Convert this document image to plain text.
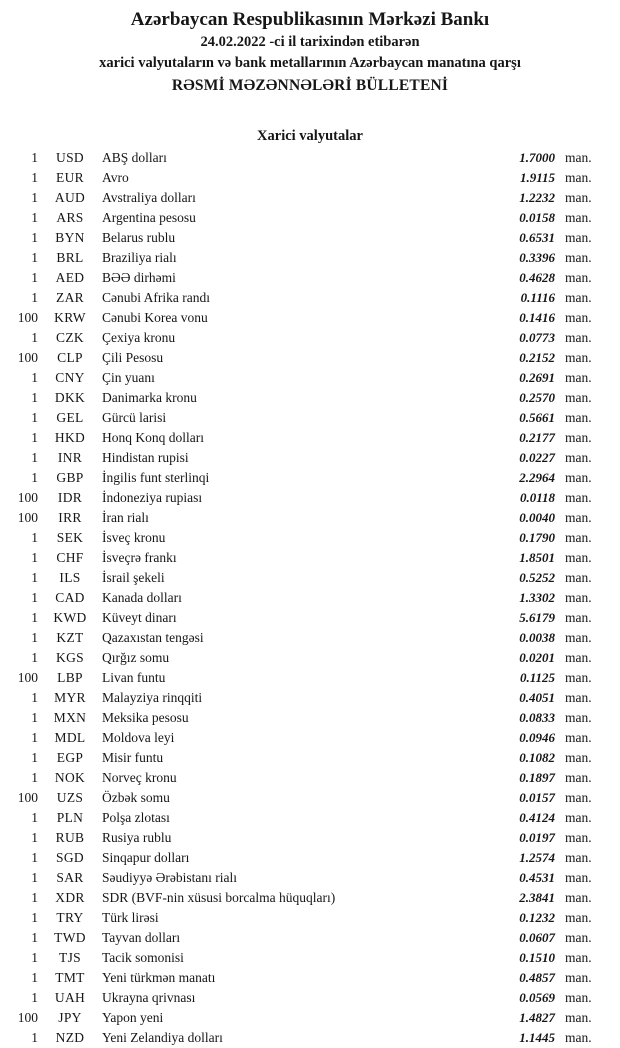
Azərbaycan Respublikasının Mərkəzi Bankı
24.02.2022 -ci il tarixindən etibarən
xarici valyutaların və bank metallarının Azərbaycan manatına qarşı
RƏSMİ MƏZƏNNƏLƏRİ BÜLLETENİ
Xarici valyutalar
1	USD	ABŞ dolları	1.7000 man.
1	EUR	Avro	1.9115 man.
1	AUD	Avstraliya dolları	1.2232 man.
1	ARS	Argentina pesosu	0.0158 man.
1	BYN	Belarus rublu	0.6531 man.
1	BRL	Braziliya rialı	0.3396 man.
1	AED	BƏƏ dirhəmi	0.4628 man.
1	ZAR	Cənubi Afrika randı	0.1116 man.
100	KRW	Cənubi Korea vonu	0.1416 man.
1	CZK	Çexiya kronu	0.0773 man.
100	CLP	Çili Pesosu	0.2152 man.
1	CNY	Çin yuanı	0.2691 man.
1	DKK	Danimarka kronu	0.2570 man.
1	GEL	Gürcü larisi	0.5661 man.
1	HKD	Honq Konq dolları	0.2177 man.
1	INR	Hindistan rupisi	0.0227 man.
1	GBP	İngilis funt sterlinqi	2.2964 man.
100	IDR	İndoneziya rupiası	0.0118 man.
100	IRR	İran rialı	0.0040 man.
1	SEK	İsveç kronu	0.1790 man.
1	CHF	İsveçrə frankı	1.8501 man.
1	ILS	İsrail şekeli	0.5252 man.
1	CAD	Kanada dolları	1.3302 man.
1	KWD	Küveyt dinarı	5.6179 man.
1	KZT	Qazaxıstan tengəsi	0.0038 man.
1	KGS	Qırğız somu	0.0201 man.
100	LBP	Livan funtu	0.1125 man.
1	MYR	Malayziya rinqqiti	0.4051 man.
1	MXN	Meksika pesosu	0.0833 man.
1	MDL	Moldova leyi	0.0946 man.
1	EGP	Misir funtu	0.1082 man.
1	NOK	Norveç kronu	0.1897 man.
100	UZS	Özbək somu	0.0157 man.
1	PLN	Polşa zlotası	0.4124 man.
1	RUB	Rusiya rublu	0.0197 man.
1	SGD	Sinqapur dolları	1.2574 man.
1	SAR	Səudiyyə Ərəbistanı rialı	0.4531 man.
1	XDR	SDR (BVF-nin xüsusi borcalma hüquqları)	2.3841 man.
1	TRY	Türk lirəsi	0.1232 man.
1	TWD	Tayvan dolları	0.0607 man.
1	TJS	Tacik somonisi	0.1510 man.
1	TMT	Yeni türkmən manatı	0.4857 man.
1	UAH	Ukrayna qrivnası	0.0569 man.
100	JPY	Yapon yeni	1.4827 man.
1	NZD	Yeni Zelandiya dolları	1.1445 man.
